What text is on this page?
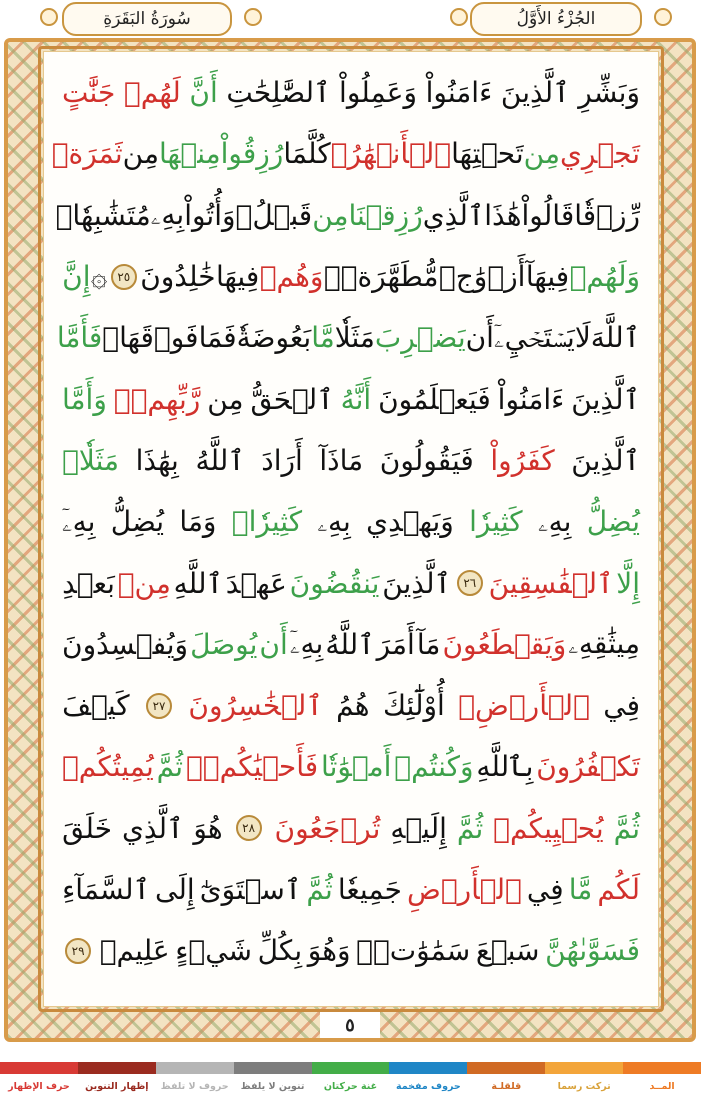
سُورَةُ البَقَرَةِ	الجُزْءُ الأَوَّلُ
وَبَشِّرِ
ٱلَّذِينَ
ءَامَنُواْ
وَعَمِلُواْ
ٱلصَّٰلِحَٰتِ
أَنَّ
لَهُمۡ
جَنَّٰتٍ
تَجۡرِي
مِن
تَحۡتِهَا
ٱلۡأَنۡهَٰرُۖ
كُلَّمَا
رُزِقُواْ
مِنۡهَا
مِن
ثَمَرَةٖ
رِّزۡقٗا
قَالُواْ
هَٰذَا
ٱلَّذِي
رُزِقۡنَا
مِن
قَبۡلُۖ
وَأُتُواْ
بِهِۦ
مُتَشَٰبِهٗاۖ
وَلَهُمۡ
فِيهَآ
أَزۡوَٰجٞ
مُّطَهَّرَةٞۖ
وَهُمۡ
فِيهَا
خَٰلِدُونَ
٢٥
۞
إِنَّ
ٱللَّهَ
لَا
يَسۡتَحۡيِۦٓ
أَن
يَضۡرِبَ
مَثَلٗا
مَّا
بَعُوضَةٗ
فَمَا
فَوۡقَهَاۚ
فَأَمَّا
ٱلَّذِينَ
ءَامَنُواْ
فَيَعۡلَمُونَ
أَنَّهُ
ٱلۡحَقُّ
مِن
رَّبِّهِمۡۖ
وَأَمَّا
ٱلَّذِينَ
كَفَرُواْ
فَيَقُولُونَ
مَاذَآ
أَرَادَ
ٱللَّهُ
بِهَٰذَا
مَثَلٗاۘ
يُضِلُّ
بِهِۦ
كَثِيرٗا
وَيَهۡدِي
بِهِۦ
كَثِيرٗاۚ
وَمَا
يُضِلُّ
بِهِۦٓ
إِلَّا
ٱلۡفَٰسِقِينَ
٢٦
ٱلَّذِينَ
يَنقُضُونَ
عَهۡدَ
ٱللَّهِ
مِنۢ
بَعۡدِ
مِيثَٰقِهِۦ
وَيَقۡطَعُونَ
مَآ
أَمَرَ
ٱللَّهُ
بِهِۦٓ
أَن
يُوصَلَ
وَيُفۡسِدُونَ
فِي
ٱلۡأَرۡضِۚ
أُوْلَٰٓئِكَ
هُمُ
ٱلۡخَٰسِرُونَ
٢٧
كَيۡفَ
تَكۡفُرُونَ
بِٱللَّهِ
وَكُنتُمۡ
أَمۡوَٰتٗا
فَأَحۡيَٰكُمۡۖ
ثُمَّ
يُمِيتُكُمۡ
ثُمَّ
يُحۡيِيكُمۡ
ثُمَّ
إِلَيۡهِ
تُرۡجَعُونَ
٢٨
هُوَ
ٱلَّذِي
خَلَقَ
لَكُم
مَّا
فِي
ٱلۡأَرۡضِ
جَمِيعٗا
ثُمَّ
ٱسۡتَوَىٰٓ
إِلَى
ٱلسَّمَآءِ
فَسَوَّىٰهُنَّ
سَبۡعَ
سَمَٰوَٰتٖۚ
وَهُوَ
بِكُلِّ
شَيۡءٍ
عَلِيمٞ
٢٩
٥
المــد
تركت رسما
قلقلـة
حروف مفخمة
غنة حركتان
تنوين لا يلفظ
حروف لا تلفظ
إظهار التنوين
حرف الإظهار
